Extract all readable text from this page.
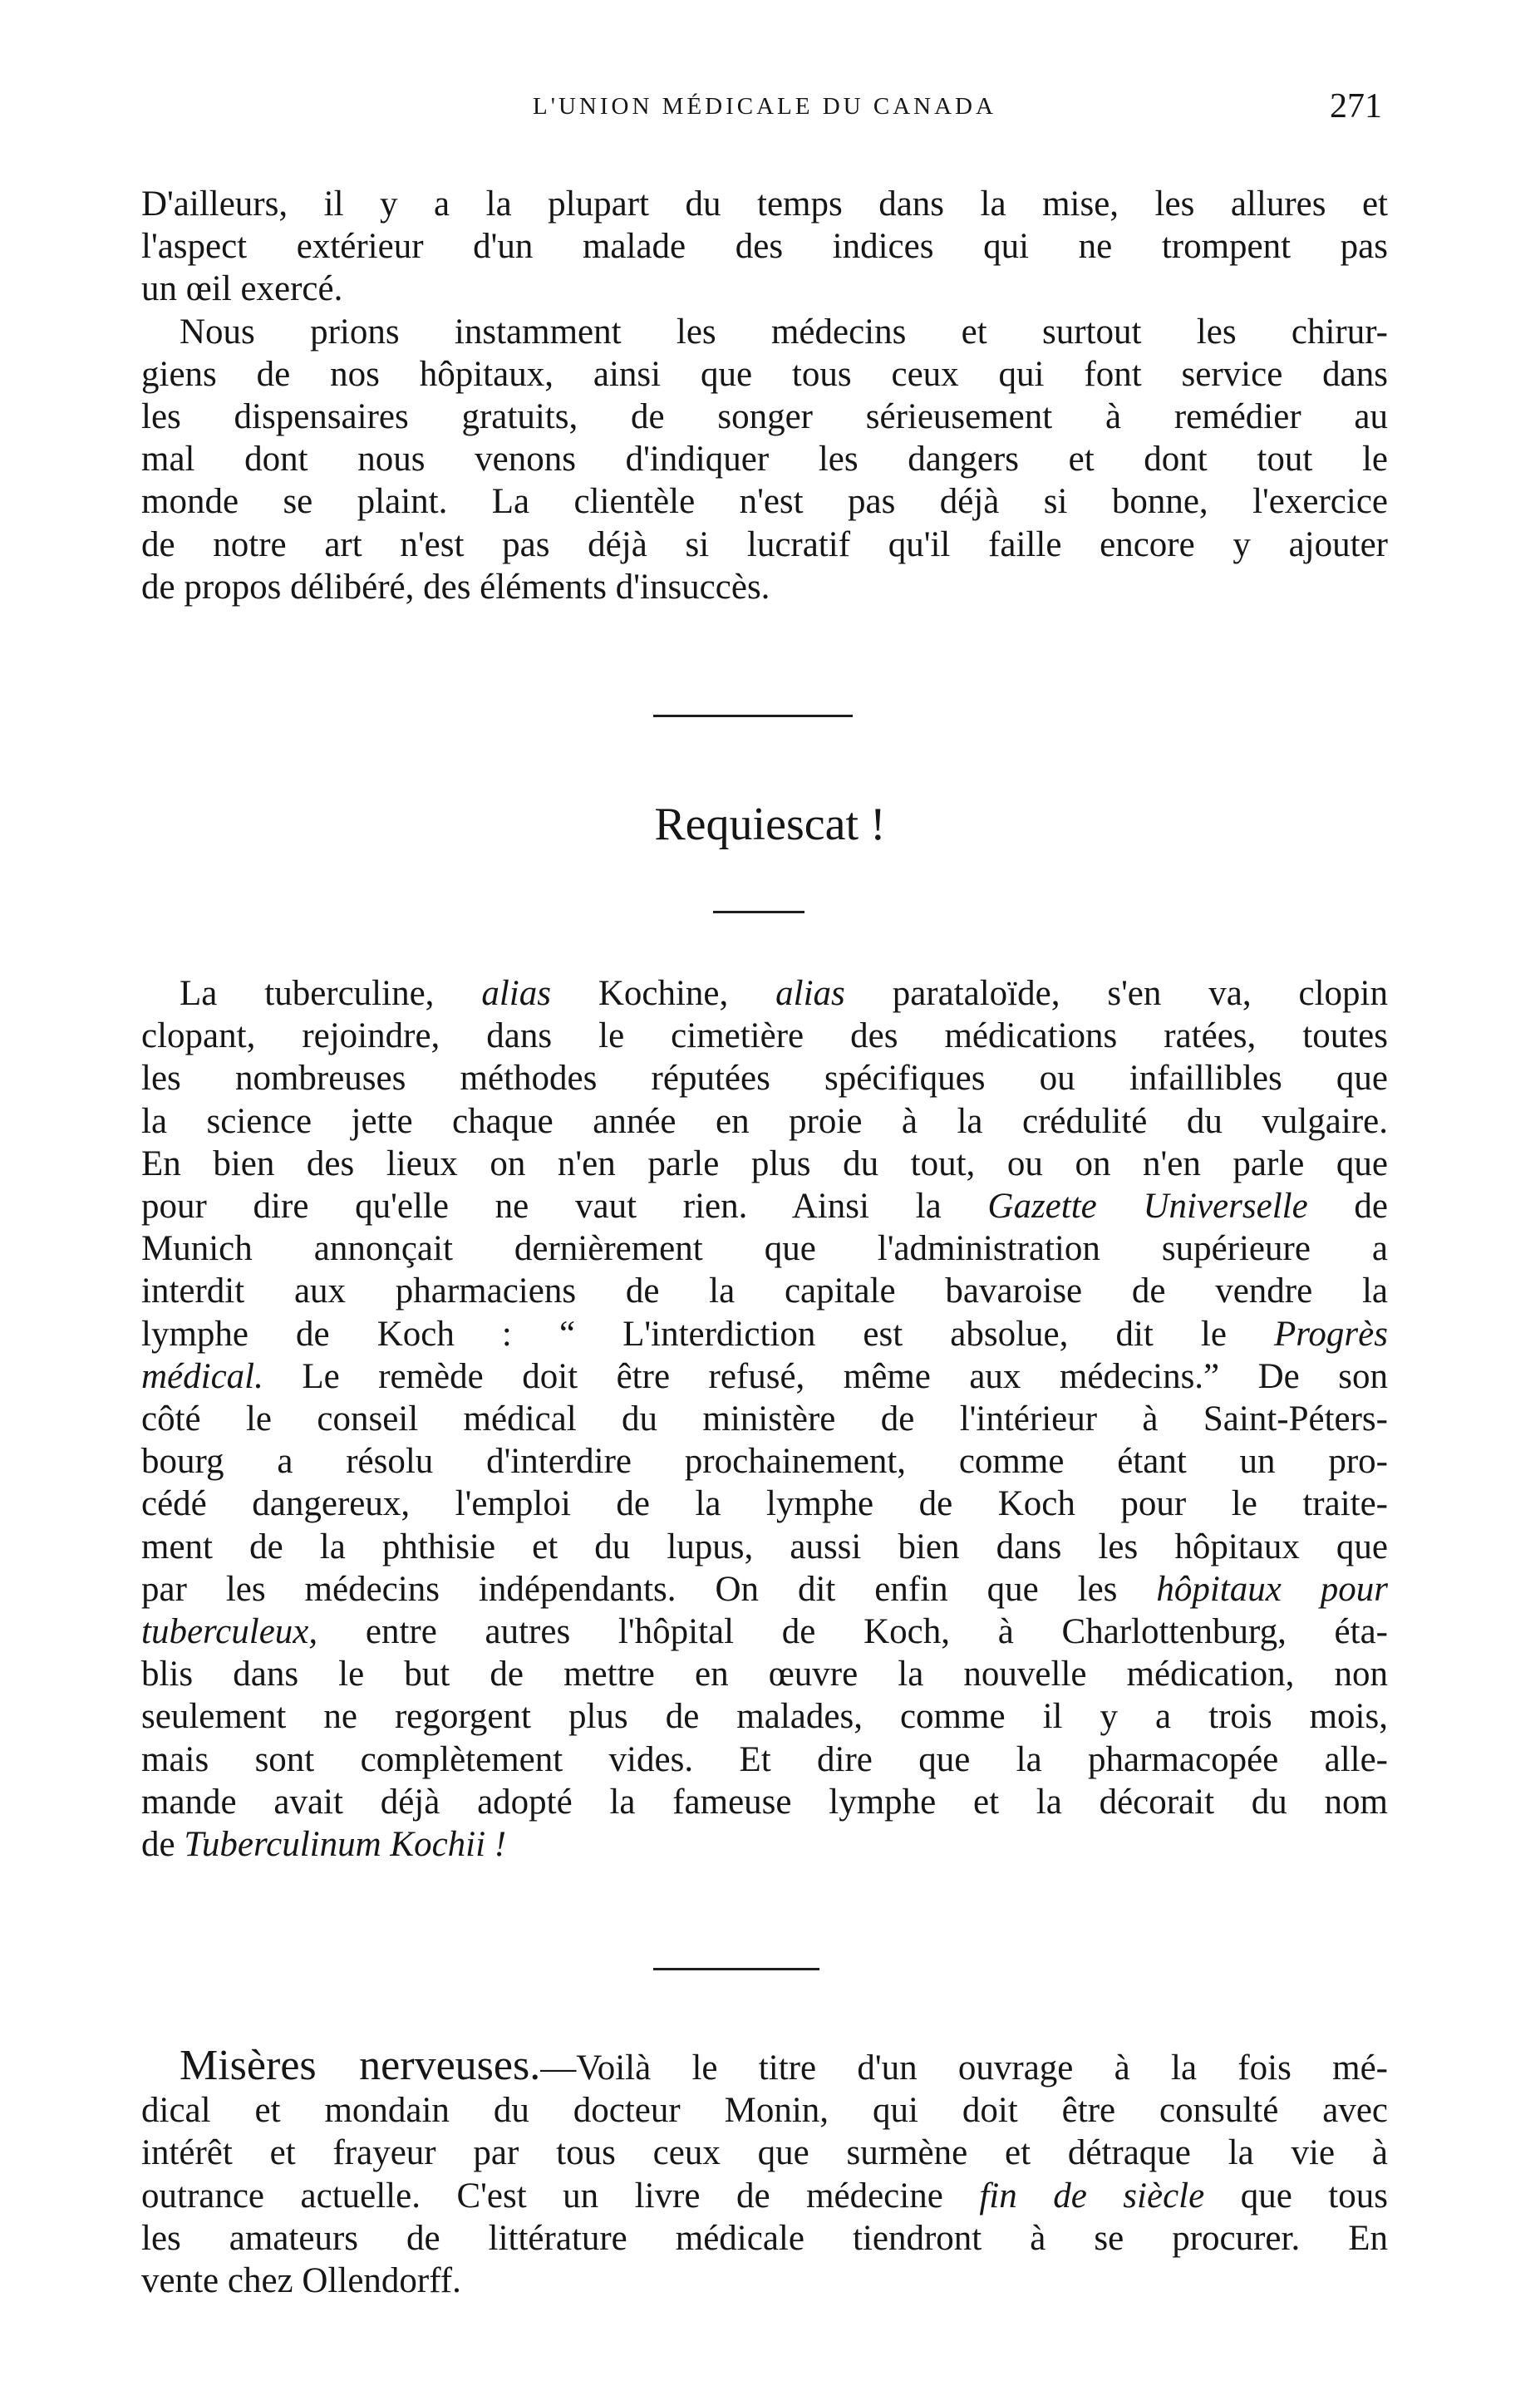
L'UNION MÉDICALE DU CANADA	271
D'ailleurs, il y a la plupart du temps dans la mise, les allures et
l'aspect extérieur d'un malade des indices qui ne trompent pas
un œil exercé.
Nous prions instamment les médecins et surtout les chirur-
giens de nos hôpitaux, ainsi que tous ceux qui font service dans
les dispensaires gratuits, de songer sérieusement à remédier au
mal dont nous venons d'indiquer les dangers et dont tout le
monde se plaint. La clientèle n'est pas déjà si bonne, l'exercice
de notre art n'est pas déjà si lucratif qu'il faille encore y ajouter
de propos délibéré, des éléments d'insuccès.
Requiescat !
La tuberculine, alias Kochine, alias parataloïde, s'en va, clopin
clopant, rejoindre, dans le cimetière des médications ratées, toutes
les nombreuses méthodes réputées spécifiques ou infaillibles que
la science jette chaque année en proie à la crédulité du vulgaire.
En bien des lieux on n'en parle plus du tout, ou on n'en parle que
pour dire qu'elle ne vaut rien. Ainsi la Gazette Universelle de
Munich annonçait dernièrement que l'administration supérieure a
interdit aux pharmaciens de la capitale bavaroise de vendre la
lymphe de Koch : “ L'interdiction est absolue, dit le Progrès
médical. Le remède doit être refusé, même aux médecins.” De son
côté le conseil médical du ministère de l'intérieur à Saint-Péters-
bourg a résolu d'interdire prochainement, comme étant un pro-
cédé dangereux, l'emploi de la lymphe de Koch pour le traite-
ment de la phthisie et du lupus, aussi bien dans les hôpitaux que
par les médecins indépendants. On dit enfin que les hôpitaux pour
tuberculeux, entre autres l'hôpital de Koch, à Charlottenburg, éta-
blis dans le but de mettre en œuvre la nouvelle médication, non
seulement ne regorgent plus de malades, comme il y a trois mois,
mais sont complètement vides. Et dire que la pharmacopée alle-
mande avait déjà adopté la fameuse lymphe et la décorait du nom
de Tuberculinum Kochii !
Misères nerveuses.—Voilà le titre d'un ouvrage à la fois mé-
dical et mondain du docteur Monin, qui doit être consulté avec
intérêt et frayeur par tous ceux que surmène et détraque la vie à
outrance actuelle. C'est un livre de médecine fin de siècle que tous
les amateurs de littérature médicale tiendront à se procurer. En
vente chez Ollendorff.
